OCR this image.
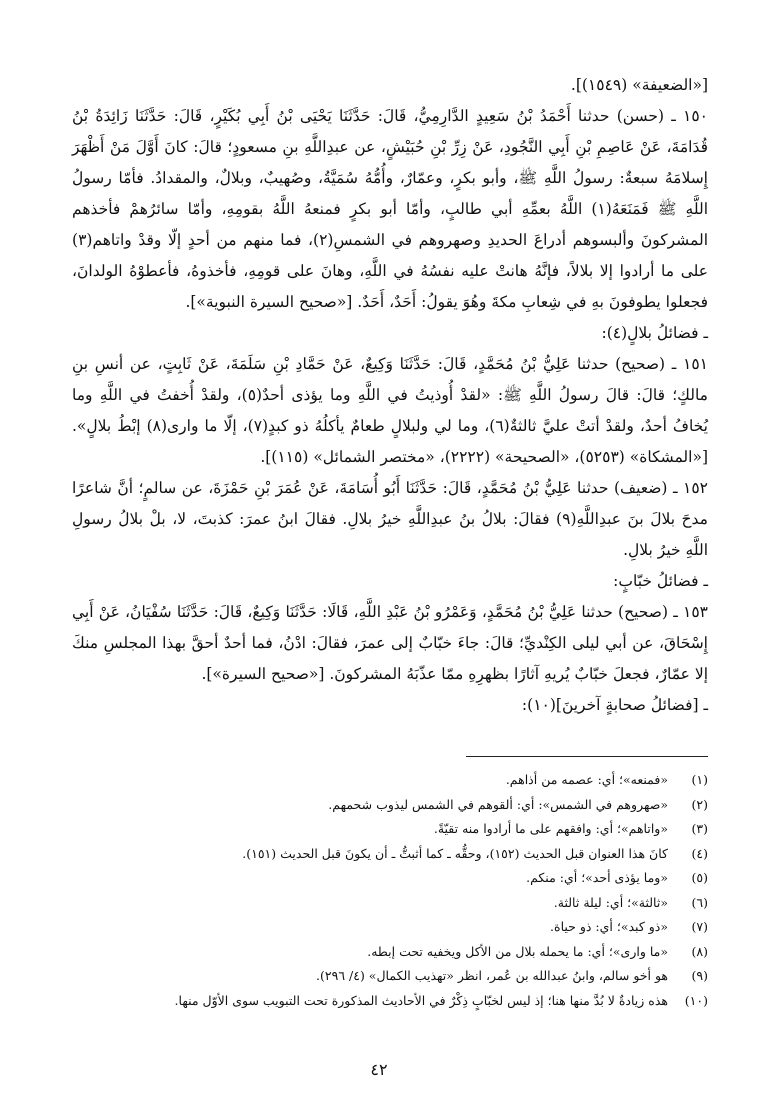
[«الضعيفة» (١٥٤٩)].

١٥٠ ـ (حسن) حدثنا أَحْمَدُ بْنُ سَعِيدٍ الدَّارِمِيُّ، قَالَ: حَدَّثَنَا يَحْيَى بْنُ أَبِي بُكَيْرٍ، قَالَ: حَدَّثَنَا زَائِدَةُ بْنُ قُدَامَةَ، عَنْ عَاصِمِ بْنِ أَبِي النَّجُودِ، عَنْ زِرِّ بْنِ حُبَيْشٍ، عن عبدِاللَّهِ بنِ مسعودٍ؛ قالَ: كانَ أَوَّلَ مَنْ أَظْهَرَ إِسلامَهُ سبعةٌ: رسولُ اللَّهِ ﷺ، وأبو بكرٍ، وعمّارٌ، وأُمُّهُ سُمَيَّةُ، وصُهيبٌ، وبلالٌ، والمقدادُ. فأمّا رسولُ اللَّهِ ﷺ فَمَنَعَهُ(١) اللَّهُ بعمِّهِ أبي طالبٍ، وأمّا أبو بكرٍ فمنعهُ اللَّهُ بقومِهِ، وأمّا سائرُهمْ فأخذهم المشركونَ وألبسوهم أدراعَ الحديدِ وصهروهم في الشمسِ(٢)، فما منهم من أحدٍ إلّا وقدْ واتاهم(٣) على ما أرادوا إلا بلالاً، فإنَّهُ هانتْ عليه نفسُهُ في اللَّهِ، وهانَ على قومِهِ، فأخذوهُ، فأعطوْهُ الولدانَ، فجعلوا يطوفونَ بهِ في شِعابِ مكةَ وهُوَ يقولُ: أَحَدٌ، أَحَدٌ. [«صحيح السيرة النبوية»].

ـ فضائلُ بلالٍ(٤):

١٥١ ـ (صحيح) حدثنا عَلِيُّ بْنُ مُحَمَّدٍ، قَالَ: حَدَّثَنَا وَكِيعٌ، عَنْ حَمَّادِ بْنِ سَلَمَةَ، عَنْ ثَابِتٍ، عن أنسِ بنِ مالكٍ؛ قالَ: قالَ رسولُ اللَّهِ ﷺ: «لقدْ أُوذيتُ في اللَّهِ وما يؤذى أحدٌ(٥)، ولقدْ أُخفتُ في اللَّهِ وما يُخافُ أحدٌ، ولقدْ أتتْ عليَّ ثالثةٌ(٦)، وما لي ولبلالٍ طعامٌ يأكلُهُ ذو كبدٍ(٧)، إلّا ما وارى(٨) إبْطُ بلالٍ». [«المشكاة» (٥٢٥٣)، «الصحيحة» (٢٢٢٢)، «مختصر الشمائل» (١١٥)].

١٥٢ ـ (ضعيف) حدثنا عَلِيُّ بْنُ مُحَمَّدٍ، قَالَ: حَدَّثَنَا أَبُو أُسَامَةَ، عَنْ عُمَرَ بْنِ حَمْزَةَ، عن سالمٍ؛ أنَّ شاعرًا مدحَ بلالَ بنَ عبدِاللَّهِ(٩) فقالَ: بلالُ بنُ عبدِاللَّهِ خيرُ بلالِ. فقالَ ابنُ عمرَ: كذبتَ، لا، بلْ بلالُ رسولِ اللَّهِ خيرُ بلالِ.

ـ فضائلُ خبّابٍ:

١٥٣ ـ (صحيح) حدثنا عَلِيُّ بْنُ مُحَمَّدٍ، وَعَمْرُو بْنُ عَبْدِ اللَّهِ، قَالَا: حَدَّثَنَا وَكِيعٌ، قَالَ: حَدَّثَنَا سُفْيَانُ، عَنْ أَبِي إِسْحَاقَ، عن أبي ليلى الكِنْديِّ؛ قالَ: جاءَ خبّابٌ إلى عمرَ، فقالَ: ادْنُ، فما أحدٌ أحقَّ بهذا المجلسِ منكَ إلا عمّارٌ، فجعلَ خبّابٌ يُريهِ آثارًا بظهرِهِ ممّا عذّبَهُ المشركونَ. [«صحيح السيرة»].

ـ [فضائلُ صحابةٍ آخرينَ](١٠):

(١)
«فمنعه»؛ أي: عصمه من أذاهم.
(٢)
«صهروهم في الشمس»: أي: ألقوهم في الشمس ليذوب شحمهم.
(٣)
«واتاهم»؛ أي: وافقهم على ما أرادوا منه تقيّةً.
(٤)
كانَ هذا العنوان قبل الحديث (١٥٢)، وحقُّه ـ كما أثبتُّ ـ أن يكونَ قبل الحديث (١٥١).
(٥)
«وما يؤذى أحد»؛ أي: منكم.
(٦)
«ثالثة»؛ أي: ليلة ثالثة.
(٧)
«ذو كبد»؛ أي: ذو حياة.
(٨)
«ما وارى»؛ أي: ما يحمله بلال من الأكل ويخفيه تحت إبطه.
(٩)
هو أخو سالم، وابنُ عبدالله بن عُمر، انظر «تهذيب الكمال» (٤/ ٢٩٦).
(١٠)
هذه زيادةٌ لا بُدَّ منها هنا؛ إذ ليس لخبّابٍ ذِكْرٌ في الأحاديث المذكورة تحت التبويب سوى الأوّل منها.
٤٢
